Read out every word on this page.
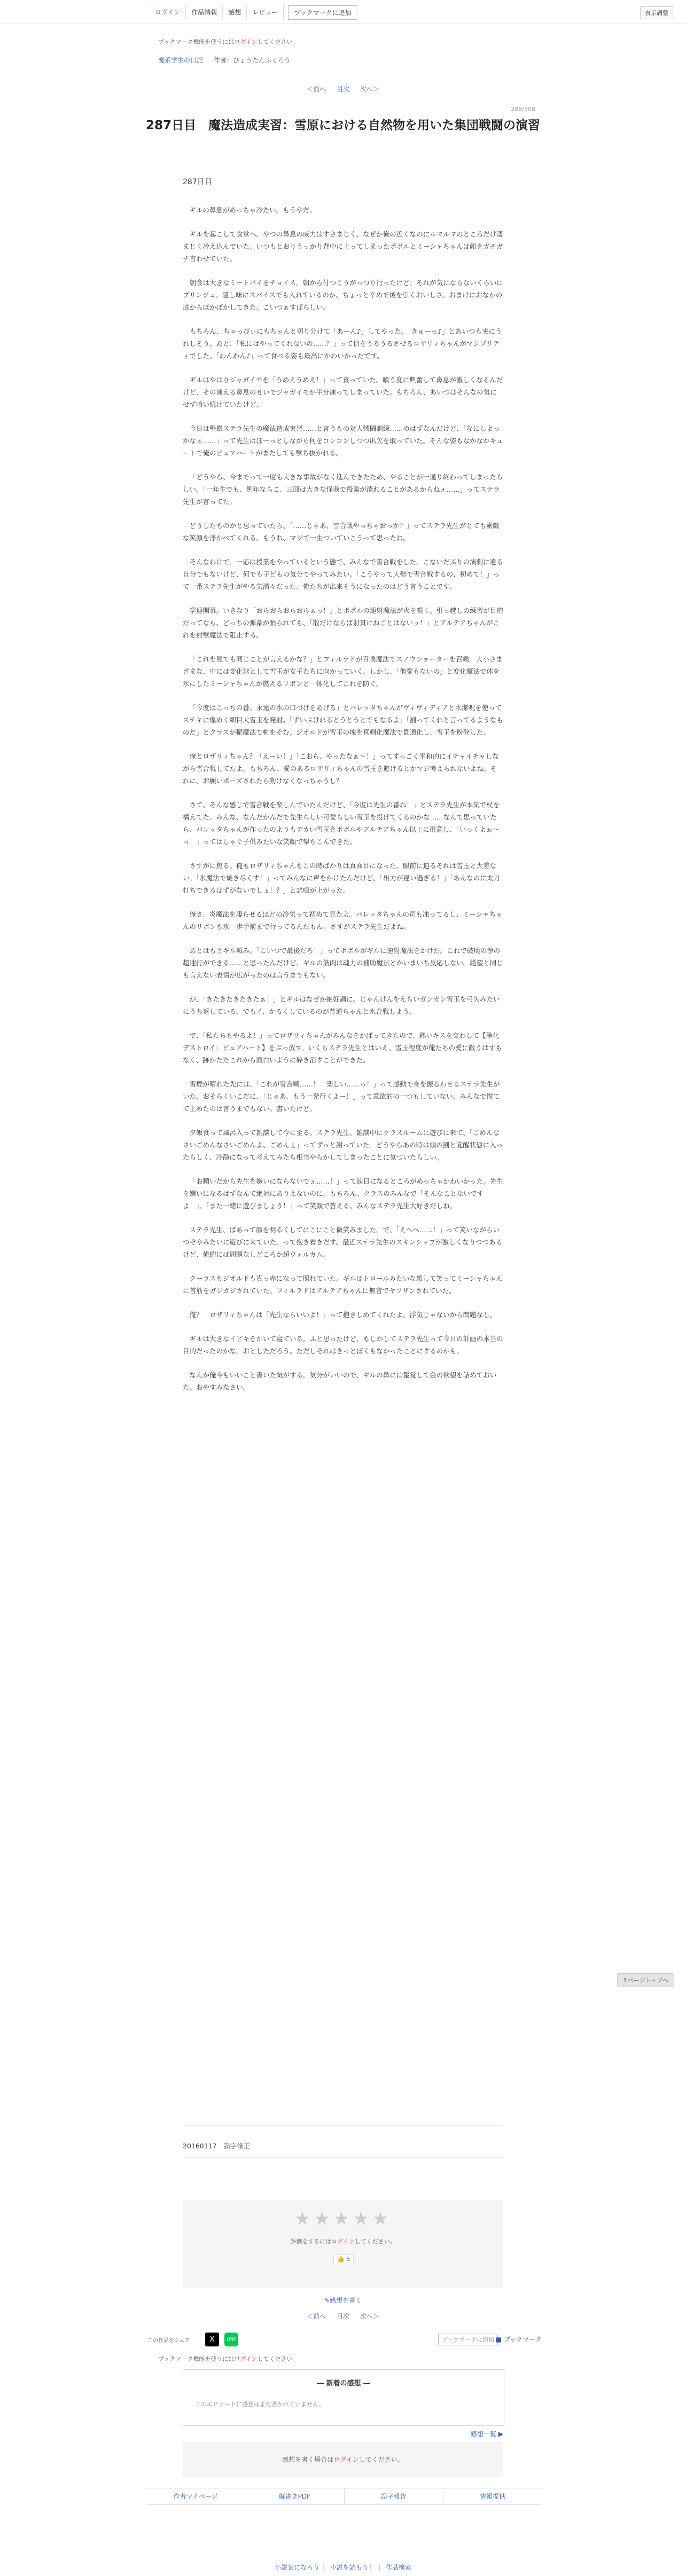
ログイン	作品情報	感想	レビュー	ブックマークに追加	表示調整
ブックマーク機能を使うにはログインしてください。
魔系学生の日記 作者：ひょうたんふくろう
＜前へ 目次 次へ＞
288/308
287日目　魔法造成実習：雪原における自然物を用いた集団戦闘の演習
287日目

ギルの鼻息がめっちゃ冷たい。もうやだ。

ギルを起こして食堂へ。やつの鼻息の威力はすさまじく、なぜか俺の近くなのにルマルマのところだけ凄まじく冷え込んでいた。いつもとおりうっかり背中に上ってしまったポポルとミーシャちゃんは顔をガチガチ言わせていた。

朝食は大きなミートパイをチョイス。朝から付つこうがっつり行ったけど、それが気にならないくらいにプリンジュ。隠し味にスパイスでも入れているのか、ちょっと辛めで後を引くおいしさ。おまけにおなかの底からぽかぽかしてきた。こいつぁすばらしい。

もちろん、ちゃっぴぃにもちゃんと切り分けて「あーん♪」してやった。「きゅーっ♪」とあいつも実にうれしそう。あと、「私にはやってくれないの……？」って目をうるうるさせるロザリィちゃんがマジプリティでした。「わんわん♪」って食べる姿も最高にかわいかったです。

ギルはやはりジャガイモを「うめえうめえ！」って貪っていた。喰う度に興奮して鼻息が激しくなるんだけど、その凍える鼻息のせいでジャガイモが半分凍ってしまっていた。もちろん、あいつはそんなの気にせず喰い続けていたけど。

今日は堅樹ステラ先生の魔法造成実習……と言うもの対人戦闘訓練……のはずなんだけど、「なにしよっかなぁ……」って先生はぼーっとしながら何をコンコンしつつ出欠を取っていた。そんな姿もなかなかキュートで俺のピュアハートがまたしても撃ち抜かれる。

「どうやら、今までって一度も大きな事故がなく進んできたため、やることが一通り終わってしまったらしい。「一年生でも、例年ならこ、三回は大きな怪我で授業が潰れることがあるからねぇ……」ってステラ先生が言ってた。

どうしたものかと思っていたら、「……じゃあ、雪合戦やっちゃおっか？」ってステラ先生がとても素敵な笑顔を浮かべてくれる。もうね、マジで一生ついていこうって思ったね。

そんなわけで、一応は授業をやっているという態で、みんなで雪合戦をした。こないだぶりの演劇に違る自分でもないけど、何でも子どもの気分でやってみたい。「こうやって大勢で雪合戦するの、初めて！」って一番ステラ先生がやる気満々だった。俺たちが出来そうになったのはどう言うことです。

学連開幕。いきなり「おらおらおらおらぁっ！」とポポルの連射魔法が火を噴く。引っ越しの練習が目的だってなら、どっちの弾幕が張られても、「散だけならば射貫けねごとはないッ！」とアルテアちゃんがこれを射撃魔法で阻止する。

「これを見ても同じことが言えるかな？」とフィルラドが召喚魔法でスノウショーターを召喚。大小さまざまな、中には変化球として雪玉が女子たちに向かっていく。しかし、「他愛もないの」と変化魔法で体を氷にしたミーシャちゃんが燃えるリボンと一体化してこれを防ぐ。

「今度はこっちの番。永遠の氷の口づけをあげる」とバレッタちゃんがヴィヴィディアと水潔呪を使ってステキに煌めく細目大雪玉を発射。「ずいぶけれるとうとうとでもなるよ」「割ってくれと言ってるようなものだ」とクラスが振魔法で軌をそむ。ジオルドが雪玉の塊を真剣化魔法で貫通化し、雪玉を粉砕した。

俺とロザリィちゃん？「えーい！」「こおら、やったなぁ〜！」ってすっごく平和的にイチャイチャしながら雪合戦してたよ。もちろん、愛のあるロザリィちゃんの雪玉を避けるとかマジ考えられないよね。それに、お願いポーズされたら動けなくなっちゃうし？

さて、そんな感じで雪合戦を楽しんでいたんだけど、「今度は先生の番ね！」とステラ先生が本気で杖を構えてた。みんな、なんだかんだで先生らしい可愛らしい雪玉を投げてくるのかな……なんて思っていたら、パレッタちゃんが作ったのよりもデカい雪玉をポポルやアルテアちゃん以上に用意し、「いっくよぉ〜っ！」ってはしゃぐ子供みたいな笑顔で撃ちこんできた。

さすがに焦る。俺もロザリィちゃんもこの時ばかりは真面目になった。眼前に迫るそれは雪玉と大差ない。「氷魔法で焼き尽くす！」ってみんなに声をかけたんだけど、「出力が違い過ぎる！」「あんなのに太刀打ちできるはずがないでしょ！？」と悲鳴が上がった。

俺さ、炎魔法を凄らせるほどの冷気って初めて見たよ。パレッタちゃんの司も凍ってるし、ミーシャちゃんのリボンも氷一歩手前まで行ってるんだもん。さすがステラ先生だよね。

あとはもうギル頼み。「こいつで最後だろ！」ってポポルがギルに速射魔法をかけた。これで破壊の拳の超速打ができる……と思ったんだけど、ギルの筋肉は魂力の補助魔法とかいまいち反応しない。絶望と同じも言えない表情が広がったのは言うまでもない。

が、「きたきたきたきたぁ！」とギルはなぜか絶好調に。じゃんけんをえらいガンガン雪玉を弓矢みたいにうち返している。でもイ、かるくしているのが普通ちゃんと氷合戦しよう。

で、「私たちもやるよ！」ってロザリィちゃんがみんなをかばってきたので、熱いキスを交わして【浄化デストロイ：ピュアハート】をぶっ放す。いくらステラ先生とはいえ、雪玉程度が俺たちの愛に敵うはずもなく、跡かたたこれから面白いように砕き消すことができた。

雪煙が晴れた先には、「これが雪合戦……！　楽しい……っ！」って感動で身を振るわせるステラ先生がいた。おそらくいこだに、「じゃあ、もう一発行くよー！」って意欲的の一つもしていない。みんなで慌てて止めたのは言うまでもない。書いたけど。

夕飯食って風呂入って雑談して今に至る。ステラ先生、雑談中にクラスルームに遊びに来て、「ごめんなさいごめんなさいごめんよ、ごめんぇ」ってずっと謝っていた。どうやらあの時は頭の割と覚醒状態に入ったらしく、冷静になって考えてみたら相当やらかしてしまったことに気づいたらしい。

「お願いだから先生を嫌いにならないでぇ……！」って涙目になるところがめっちゃかわいかった。先生を嫌いになるはずなんて絶対にありえないのに。もちろん、クラスのみんなで「そんなことないですよ！」、「また一緒に遊びましょう！」って笑顔で答える。みんなステラ先生大好きだしね。

ステラ先生、ぱあって顔を明るくしてにこにこと微笑みました。で、「えへへ……！」って笑いながらいつぞやみたいに遊びに来ていた。って抱き着きだす。最近ステラ先生のスキンシップが激しくなりつつあるけど、俺的には問題なしどころか超ウェルカム。

クーラスもジオルドも真っ赤になって照れていた。ギルはトロールみたいな顔して笑ってミーシャちゃんに首筋をガジガジされていた。フィルラドはアルテアちゃんに無言でヤツザンされていた。

俺？　ロザリィちゃんは「先生ならいいよ！」って抱きしめてくれたよ。浮気じゃないから問題なし。

ギルは大きなイビキをかいて寝ている。ふと思ったけど、もしかしてステラ先生って今日の計画の本当の目的だったのかな。おとしただろう。ただしそれはきっとぼくもなかったことにするのかも。

なんか俺今もいいこと書いた気がする。気分がいいので、ギルの鼻には鬣覚して金の欲望を詰めておいた。おやすみなさい。

20160117　誤字修正
✎感想を書く
★★★★★
評価をするにはログインしてください。
👍 5
＜前へ 目次 次へ＞
この作品をシェア	X	LINE	ブックマークに追加 ■ ブックマーク
ブックマーク機能を使うにはログインしてください。
― 新着の感想 ―
このエピソードに感想はまだ書かれていません。
感想一覧 ▶
感想を書く場合はログインしてください。
作者マイページ	縦書きPDF	誤字報告	情報提供
↑ページトップへ
小説家になろう | 小説を読もう！ | 作品検索
